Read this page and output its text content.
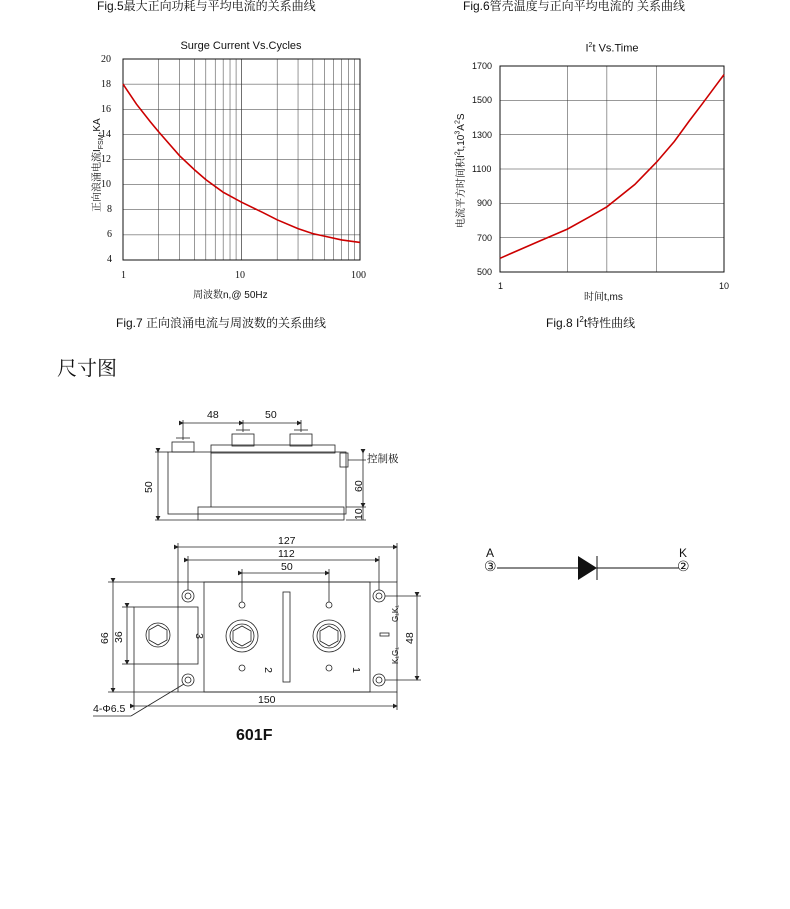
Fig.5最大正向功耗与平均电流的关系曲线	Fig.6管壳温度与正向平均电流的 关系曲线
Surge Current Vs.Cycles
20
18
16
14
12
10
8
6
4
1	10	100
周波数n,@ 50Hz
正向浪涌电流$I_{FSM},KA$
Fig.7 正向浪涌电流与周波数的关系曲线
$I^2t$ Vs.Time
1700
1500
1300
1100
900
700
500
1	10
时间t,ms
电流平方时间积$I^2t,10^3A^2S$
Fig.8 $I^2t$特性曲线
尺寸图
48	50
50	60
10
控制极
127
112
50
66 36	48
150
4-Φ6.5
3
2	1
G₁K₁
K₁G₁
601F
A	K
③	②
